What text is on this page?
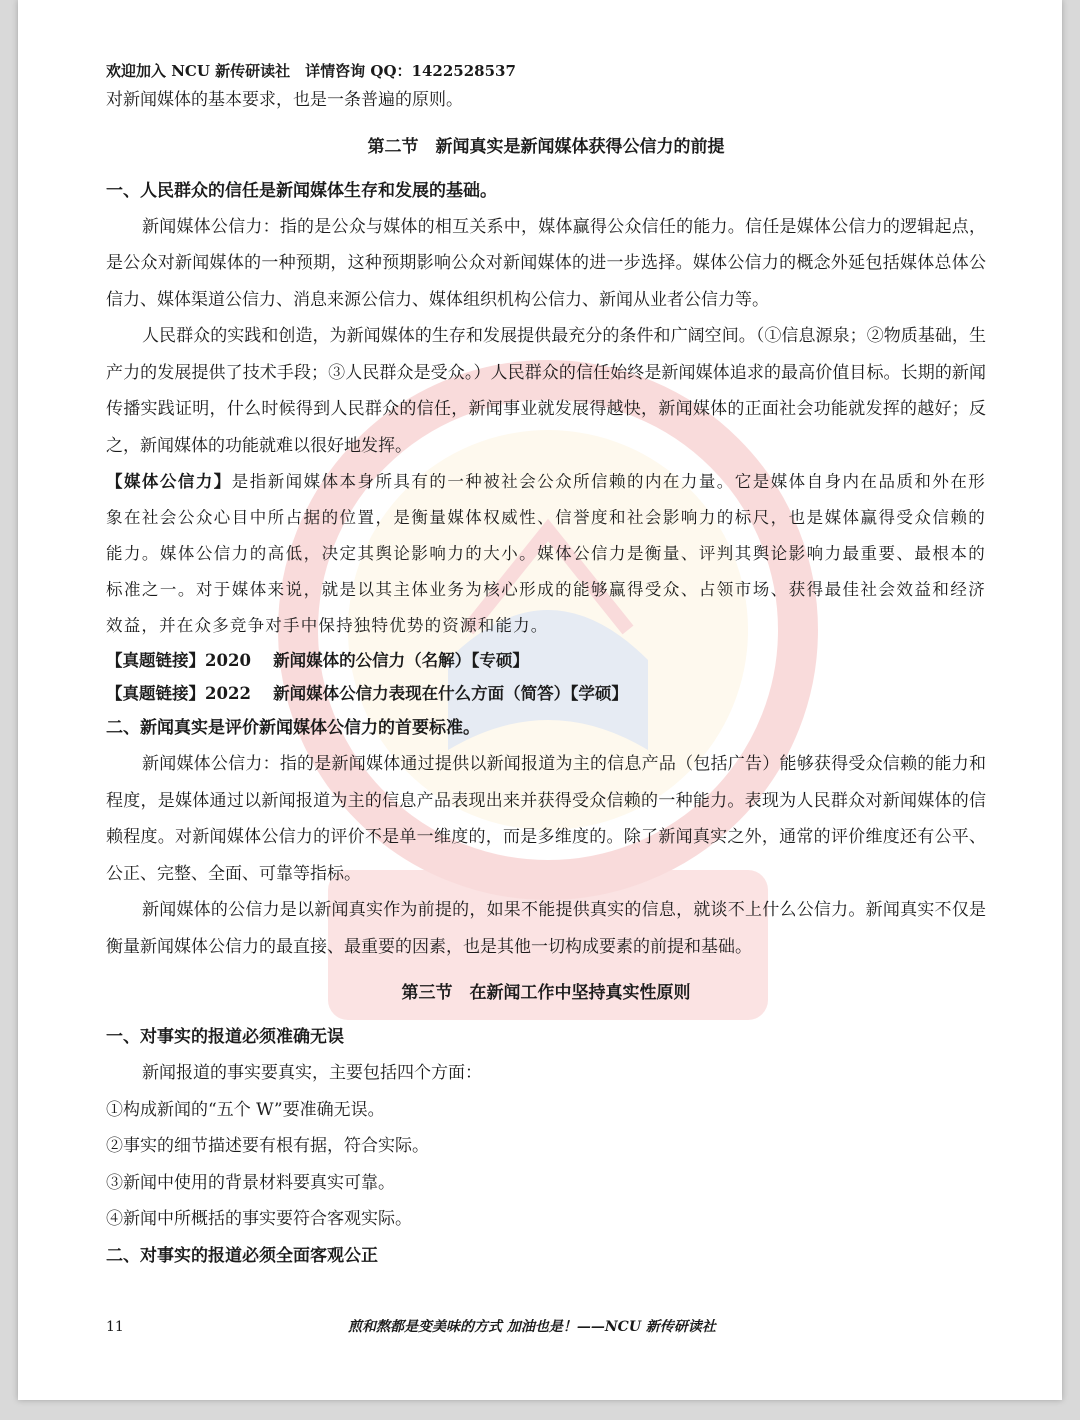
欢迎加入 NCU 新传研读社　详情咨询 QQ：1422528537

对新闻媒体的基本要求，也是一条普遍的原则。

第二节　新闻真实是新闻媒体获得公信力的前提

一、人民群众的信任是新闻媒体生存和发展的基础。

新闻媒体公信力：指的是公众与媒体的相互关系中，媒体赢得公众信任的能力。信任是媒体公信力的逻辑起点，是公众对新闻媒体的一种预期，这种预期影响公众对新闻媒体的进一步选择。媒体公信力的概念外延包括媒体总体公信力、媒体渠道公信力、消息来源公信力、媒体组织机构公信力、新闻从业者公信力等。

人民群众的实践和创造，为新闻媒体的生存和发展提供最充分的条件和广阔空间。（①信息源泉；②物质基础，生产力的发展提供了技术手段；③人民群众是受众。）人民群众的信任始终是新闻媒体追求的最高价值目标。长期的新闻传播实践证明，什么时候得到人民群众的信任，新闻事业就发展得越快，新闻媒体的正面社会功能就发挥的越好；反之，新闻媒体的功能就难以很好地发挥。

【媒体公信力】是指新闻媒体本身所具有的一种被社会公众所信赖的内在力量。它是媒体自身内在品质和外在形象在社会公众心目中所占据的位置，是衡量媒体权威性、信誉度和社会影响力的标尺，也是媒体赢得受众信赖的能力。媒体公信力的高低，决定其舆论影响力的大小。媒体公信力是衡量、评判其舆论影响力最重要、最根本的标准之一。对于媒体来说，就是以其主体业务为核心形成的能够赢得受众、占领市场、获得最佳社会效益和经济效益，并在众多竞争对手中保持独特优势的资源和能力。

【真题链接】2020　 新闻媒体的公信力（名解）【专硕】

【真题链接】2022　 新闻媒体公信力表现在什么方面（简答）【学硕】

二、新闻真实是评价新闻媒体公信力的首要标准。

新闻媒体公信力：指的是新闻媒体通过提供以新闻报道为主的信息产品（包括广告）能够获得受众信赖的能力和程度，是媒体通过以新闻报道为主的信息产品表现出来并获得受众信赖的一种能力。表现为人民群众对新闻媒体的信赖程度。对新闻媒体公信力的评价不是单一维度的，而是多维度的。除了新闻真实之外，通常的评价维度还有公平、公正、完整、全面、可靠等指标。

新闻媒体的公信力是以新闻真实作为前提的，如果不能提供真实的信息，就谈不上什么公信力。新闻真实不仅是衡量新闻媒体公信力的最直接、最重要的因素，也是其他一切构成要素的前提和基础。

第三节　在新闻工作中坚持真实性原则

一、对事实的报道必须准确无误

新闻报道的事实要真实，主要包括四个方面：

①构成新闻的“五个 W”要准确无误。

②事实的细节描述要有根有据，符合实际。

③新闻中使用的背景材料要真实可靠。

④新闻中所概括的事实要符合客观实际。

二、对事实的报道必须全面客观公正

11	煎和熬都是变美味的方式 加油也是！——NCU 新传研读社
